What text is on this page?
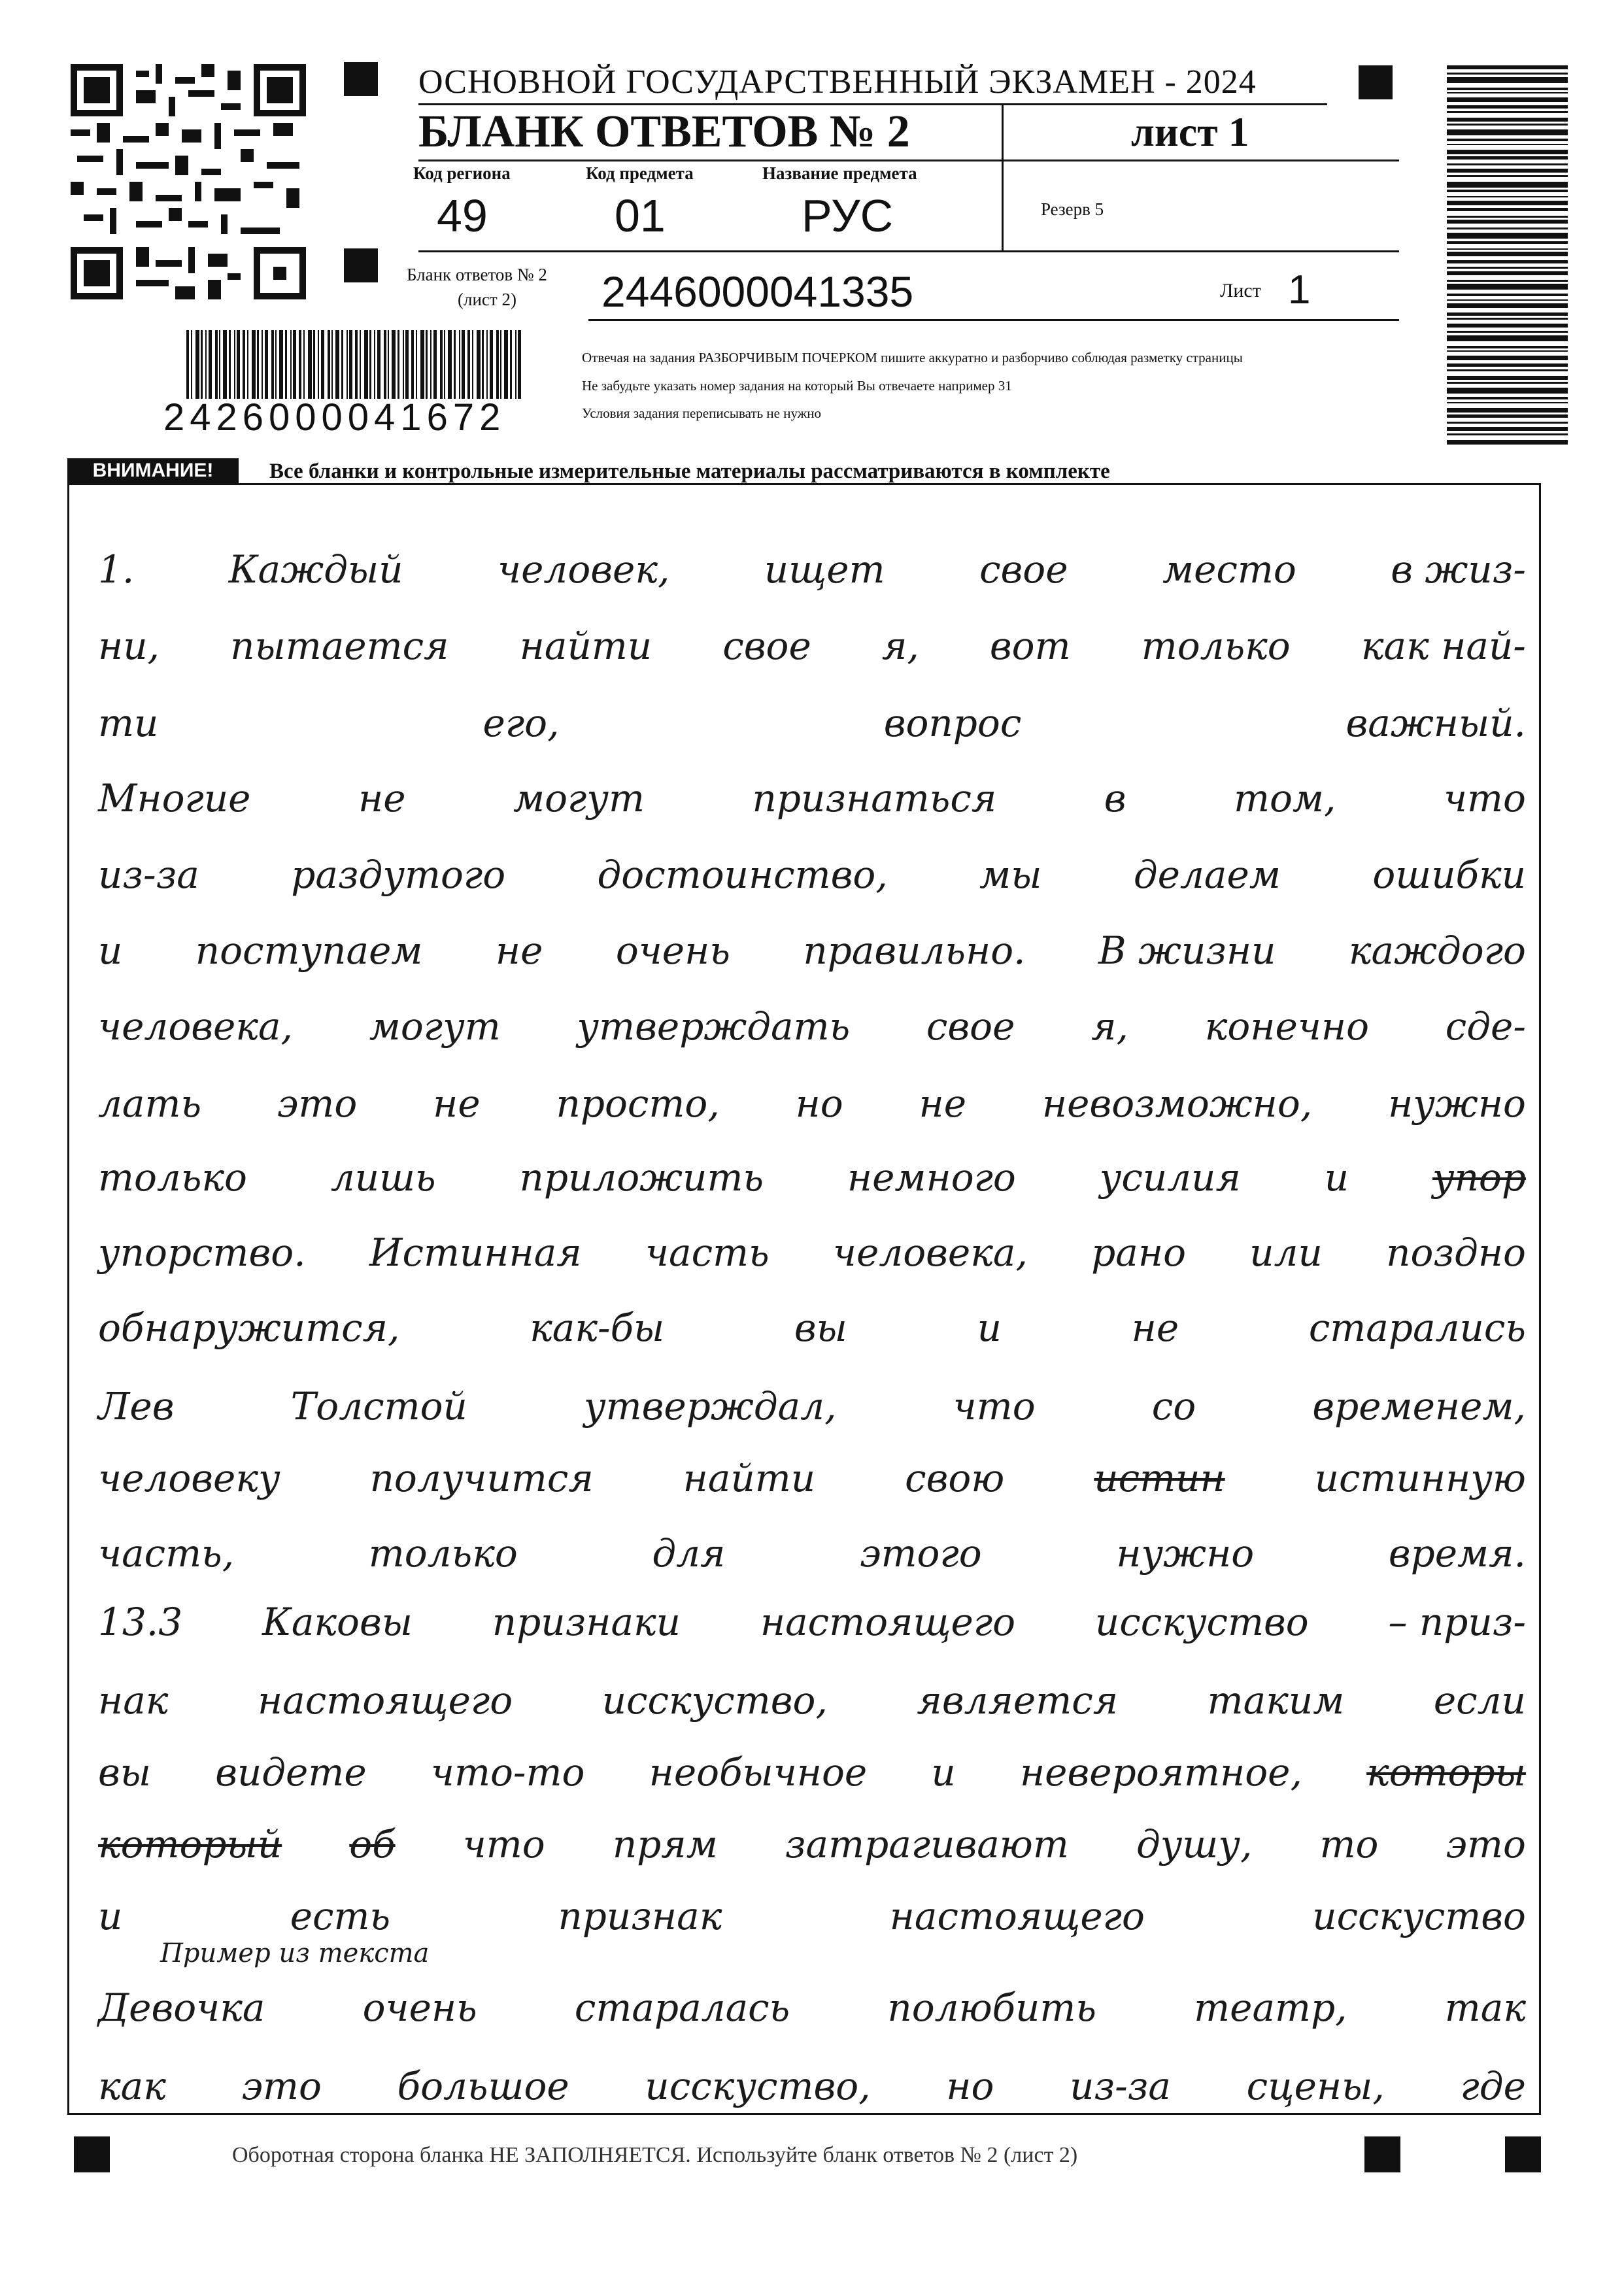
ОСНОВНОЙ ГОСУДАРСТВЕННЫЙ ЭКЗАМЕН - 2024
БЛАНК ОТВЕТОВ № 2	лист 1
Код региона
49
Код предмета
01
Название предмета
РУС	Резерв 5
Бланк ответов № 2
(лист 2) 2446000041335	Лист 1
Отвечая на задания РАЗБОРЧИВЫМ ПОЧЕРКОМ пишите аккуратно и разборчиво соблюдая разметку страницы
Не забудьте указать номер задания на который Вы отвечаете например 31
Условия задания переписывать не нужно
2426000041672
ВНИМАНИЕ!	Все бланки и контрольные измерительные материалы рассматриваются в комплекте
1. Каждый человек, ищет свое место в жиз-
ни, пытается найти свое я, вот только как най-
ти	его,	вопрос	важный.
Многие	не	могут	признаться	в	том,	что
из-за раздутого достоинство, мы делаем ошибки
и поступаем не очень правильно. В жизни каждого
человека, могут утверждать свое я, конечно сде-
лать это не просто, но не невозможно, нужно
только лишь приложить немного усилия и упор
упорство. Истинная часть человека, рано или поздно
обнаружится,	как-бы	вы	и	не	старались
Лев	Толстой	утверждал,	что	со	временем,
человеку получится найти свою истин истинную
часть,	только	для	этого	нужно	время.
13.3 Каковы признаки настоящего исскуство – приз-
нак настоящего исскуство, является таким если
вы видете что-то необычное и невероятное, которы
который об что прям затрагивают душу, то это
и	есть	признак	настоящего	исскуство
Девочка	очень	старалась	полюбить	театр,	так
как это большое исскуство, но из-за сцены, где
Пример из текста
Оборотная сторона бланка НЕ ЗАПОЛНЯЕТСЯ. Используйте бланк ответов № 2 (лист 2)
